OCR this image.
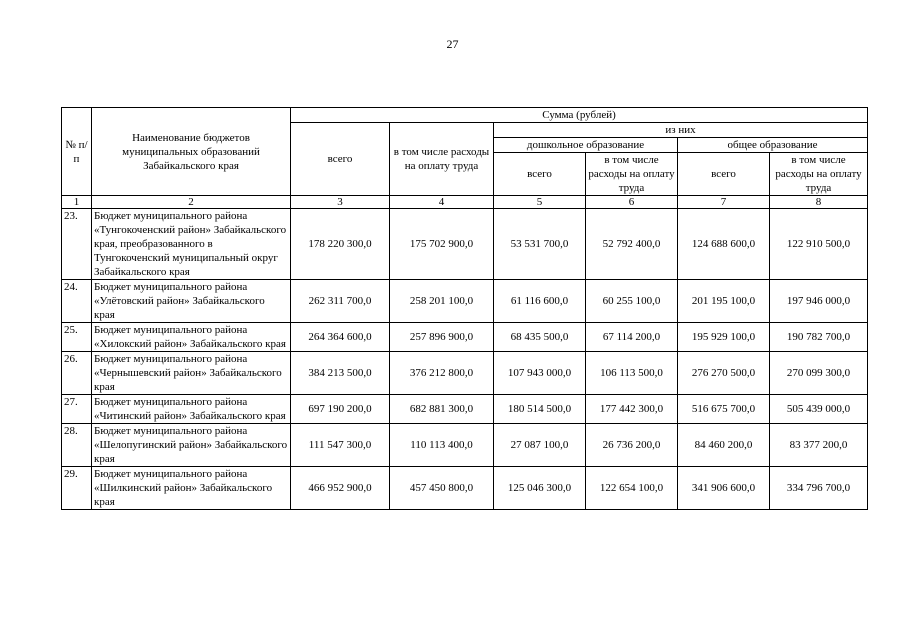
27
№ п/п	Наименование бюджетов муниципальных образований Забайкальского края	Сумма (рублей)					
		всего	в том числе расходы на оплату труда	из них			
				дошкольное образование		общее образование	
				всего	в том числе расходы на оплату труда	всего	в том числе расходы на оплату труда
1	2	3	4	5	6	7	8
23.	Бюджет муниципального района «Тунгокоченский район» Забайкальского края, преобразованного в Тунгокоченский муниципальный округ Забайкальского края	178 220 300,0	175 702 900,0	53 531 700,0	52 792 400,0	124 688 600,0	122 910 500,0
24.	Бюджет муниципального района «Улётовский район» Забайкальского края	262 311 700,0	258 201 100,0	61 116 600,0	60 255 100,0	201 195 100,0	197 946 000,0
25.	Бюджет муниципального района «Хилокский район» Забайкальского края	264 364 600,0	257 896 900,0	68 435 500,0	67 114 200,0	195 929 100,0	190 782 700,0
26.	Бюджет муниципального района «Чернышевский район» Забайкальского края	384 213 500,0	376 212 800,0	107 943 000,0	106 113 500,0	276 270 500,0	270 099 300,0
27.	Бюджет муниципального района «Читинский район» Забайкальского края	697 190 200,0	682 881 300,0	180 514 500,0	177 442 300,0	516 675 700,0	505 439 000,0
28.	Бюджет муниципального района «Шелопугинский район» Забайкальского края	111 547 300,0	110 113 400,0	27 087 100,0	26 736 200,0	84 460 200,0	83 377 200,0
29.	Бюджет муниципального района «Шилкинский район» Забайкальского края	466 952 900,0	457 450 800,0	125 046 300,0	122 654 100,0	341 906 600,0	334 796 700,0
